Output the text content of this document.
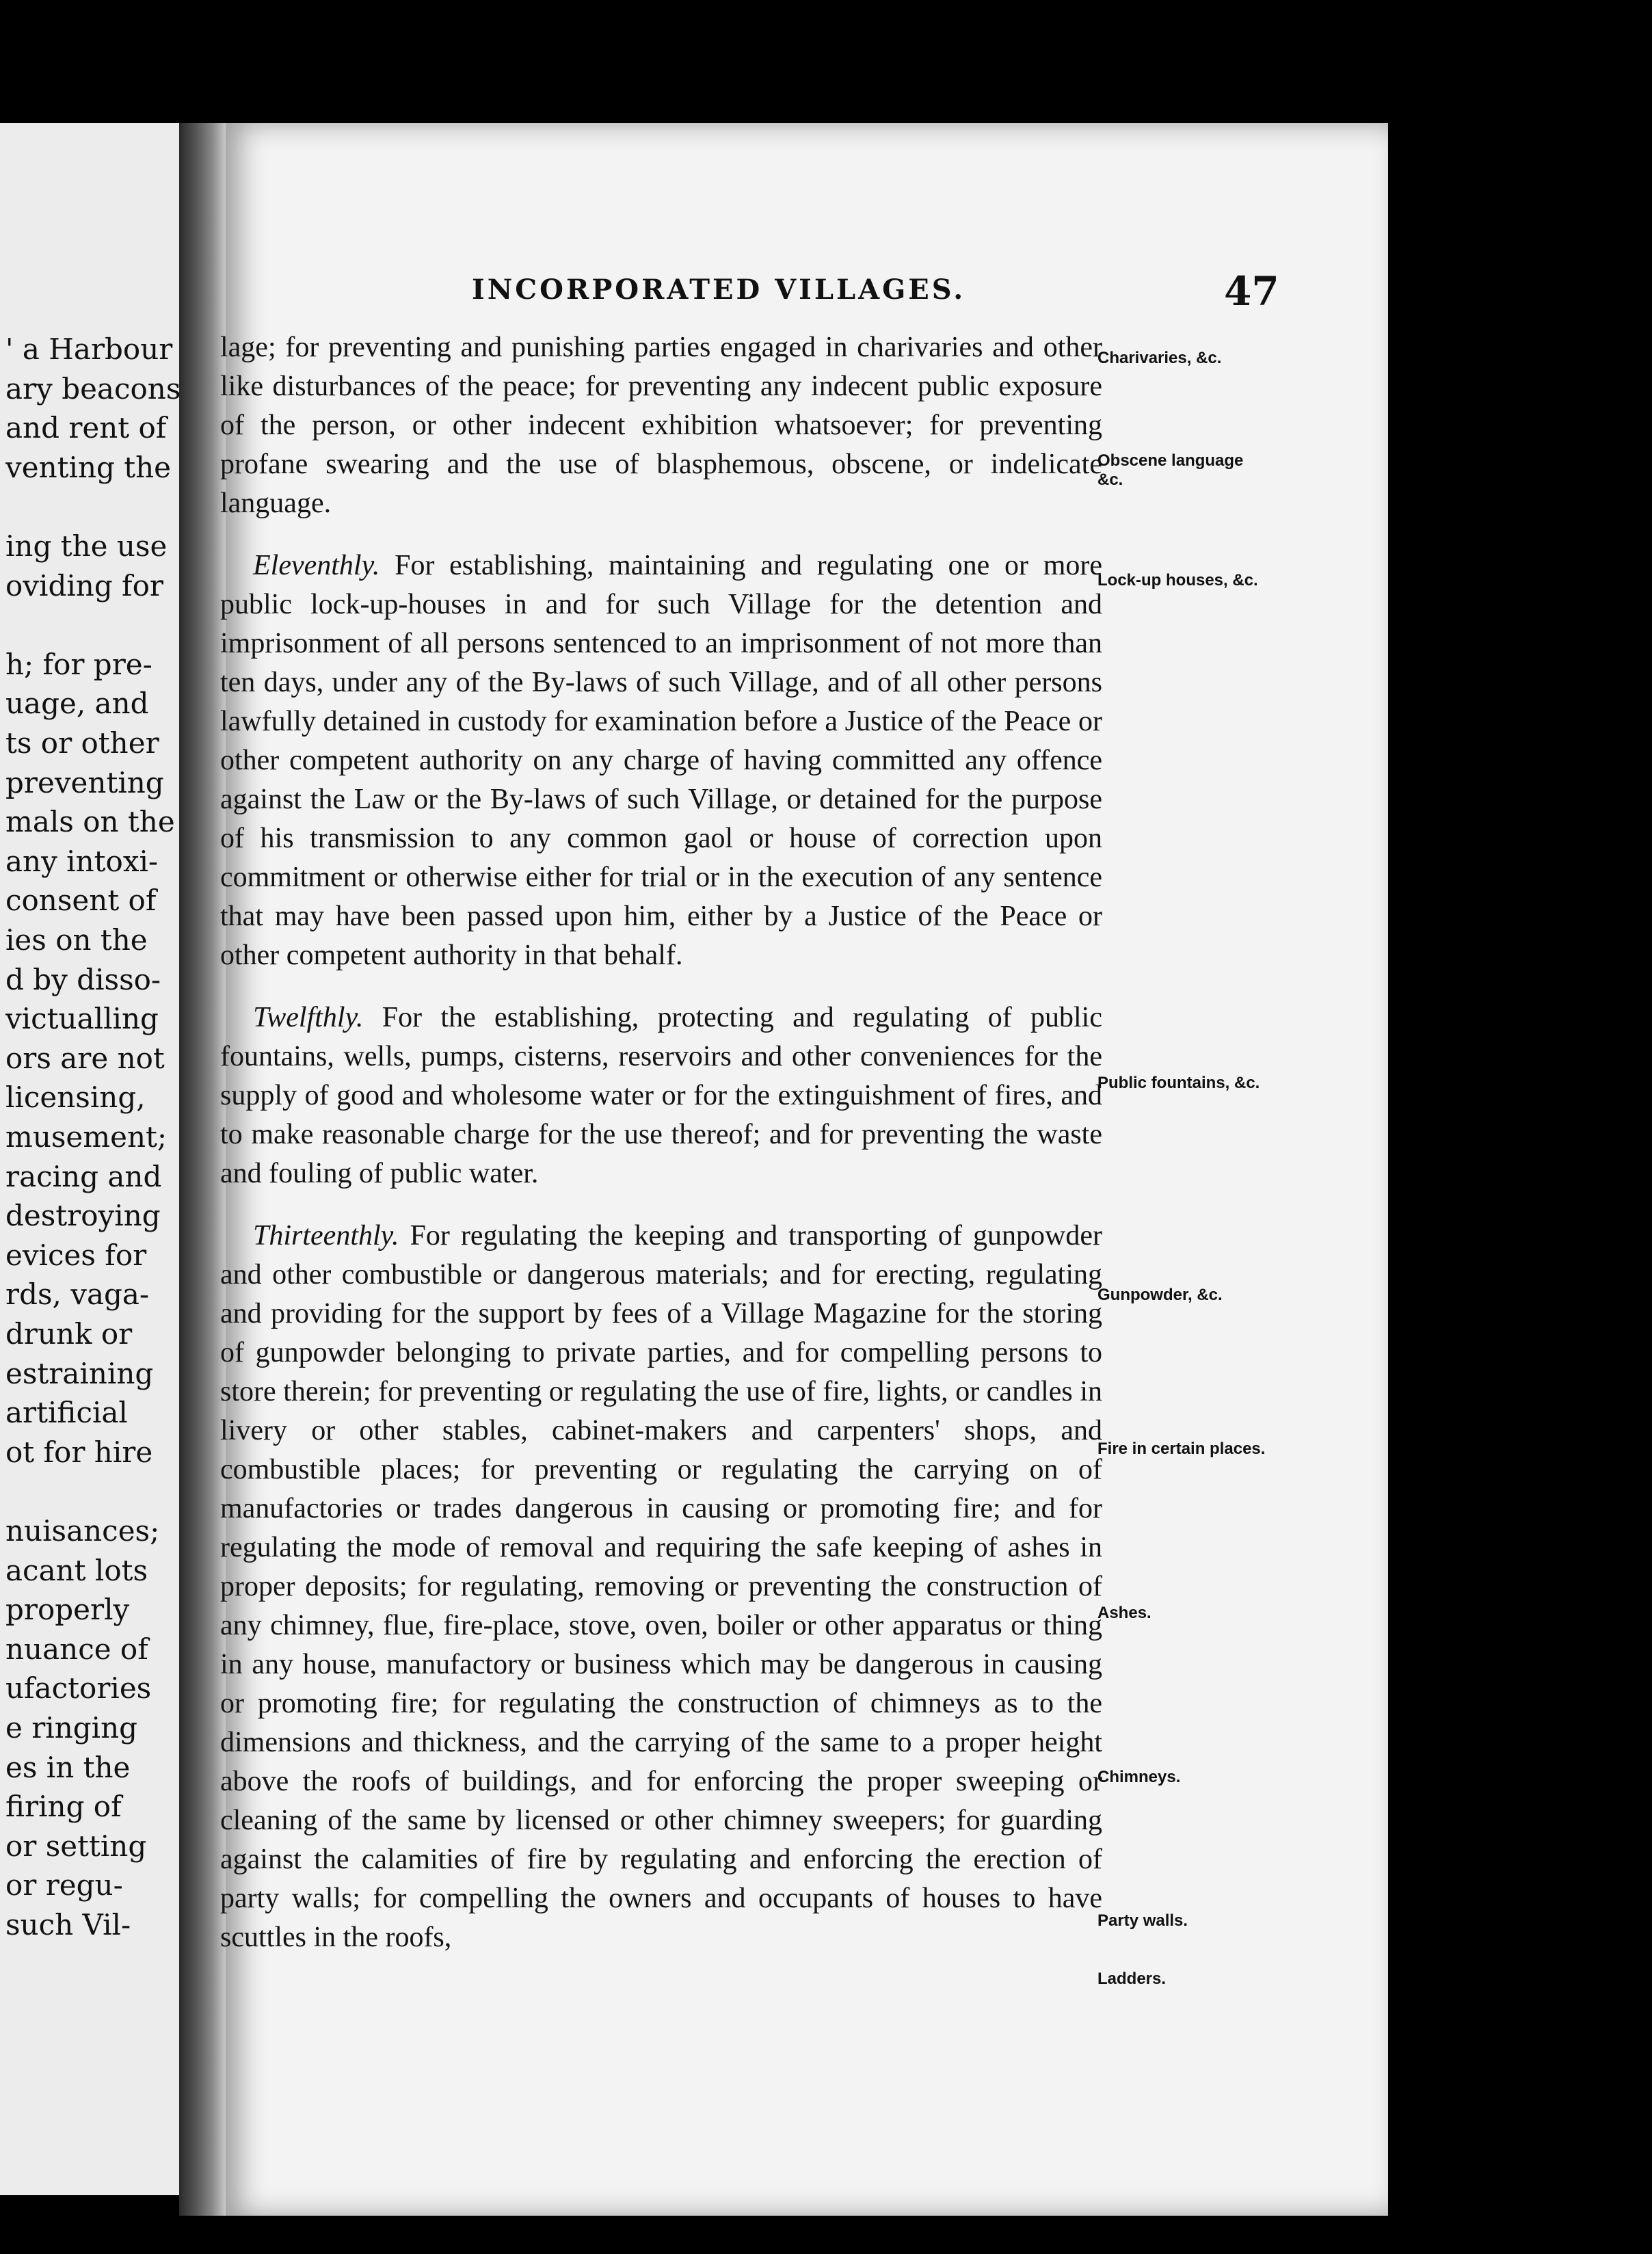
INCORPORATED VILLAGES.	47

lage; for preventing and punishing parties engaged in charivaries and other like disturbances of the peace; for preventing any indecent public exposure of the person, or other indecent exhibition whatsoever; for preventing profane swearing and the use of blasphemous, obscene, or indelicate language.

Eleventhly. For establishing, maintaining and regulating one or more public lock-up-houses in and for such Village for the detention and imprisonment of all persons sentenced to an imprisonment of not more than ten days, under any of the By-laws of such Village, and of all other persons lawfully detained in custody for examination before a Justice of the Peace or other competent authority on any charge of having committed any offence against the Law or the By-laws of such Village, or detained for the purpose of his transmission to any common gaol or house of correction upon commitment or otherwise either for trial or in the execution of any sentence that may have been passed upon him, either by a Justice of the Peace or other competent authority in that behalf.

Twelfthly. For the establishing, protecting and regulating of public fountains, wells, pumps, cisterns, reservoirs and other conveniences for the supply of good and wholesome water or for the extinguishment of fires, and to make reasonable charge for the use thereof; and for preventing the waste and fouling of public water.

Thirteenthly. For regulating the keeping and transporting of gunpowder and other combustible or dangerous materials; and for erecting, regulating and providing for the support by fees of a Village Magazine for the storing of gunpowder belonging to private parties, and for compelling persons to store therein; for preventing or regulating the use of fire, lights, or candles in livery or other stables, cabinet-makers and carpenters' shops, and combustible places; for preventing or regulating the carrying on of manufactories or trades dangerous in causing or promoting fire; and for regulating the mode of removal and requiring the safe keeping of ashes in proper deposits; for regulating, removing or preventing the construction of any chimney, flue, fire-place, stove, oven, boiler or other apparatus or thing in any house, manufactory or business which may be dangerous in causing or promoting fire; for regulating the construction of chimneys as to the dimensions and thickness, and the carrying of the same to a proper height above the roofs of buildings, and for enforcing the proper sweeping or cleaning of the same by licensed or other chimney sweepers; for guarding against the calamities of fire by regulating and enforcing the erection of party walls; for compelling the owners and occupants of houses to have scuttles in the roofs,

Charivaries, &c.
Obscene language &c.
Lock-up houses, &c.
Public fountains, &c.
Gunpowder, &c.
Fire in certain places.
Ashes.
Chimneys.
Party walls.
Ladders.
' a Harbour
ary beacons
and rent of
venting the
ing the use
oviding for
h; for pre-
uage, and
ts or other
preventing
mals on the
any intoxi-
consent of
ies on the
d by disso-
victualling
ors are not
licensing,
musement;
racing and
destroying
evices for
rds, vaga-
drunk or
estraining
artificial
ot for hire
nuisances;
acant lots
properly
nuance of
ufactories
e ringing
es in the
firing of
or setting
or regu-
such Vil-
